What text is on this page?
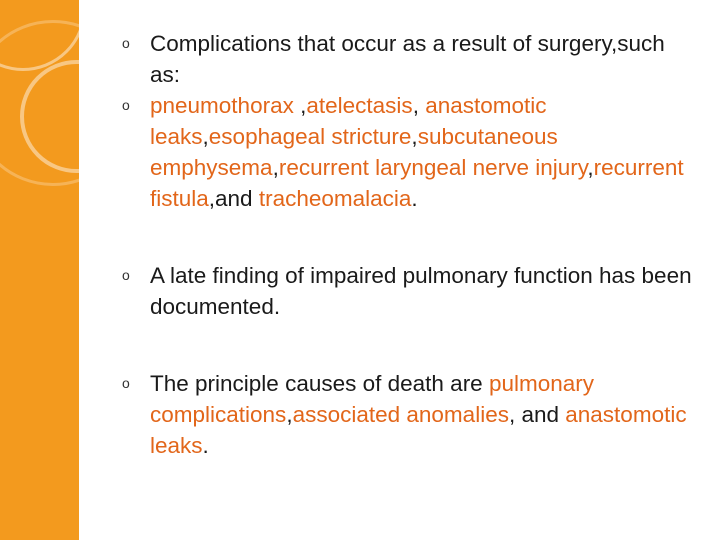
o Complications that occur as a result of surgery,such as:
o pneumothorax ,atelectasis, anastomotic leaks,esophageal stricture,subcutaneous emphysema,recurrent laryngeal nerve injury,recurrent fistula,and tracheomalacia.
o A late finding of impaired pulmonary function has been documented.
o The principle causes of death are pulmonary complications,associated anomalies, and anastomotic leaks.
